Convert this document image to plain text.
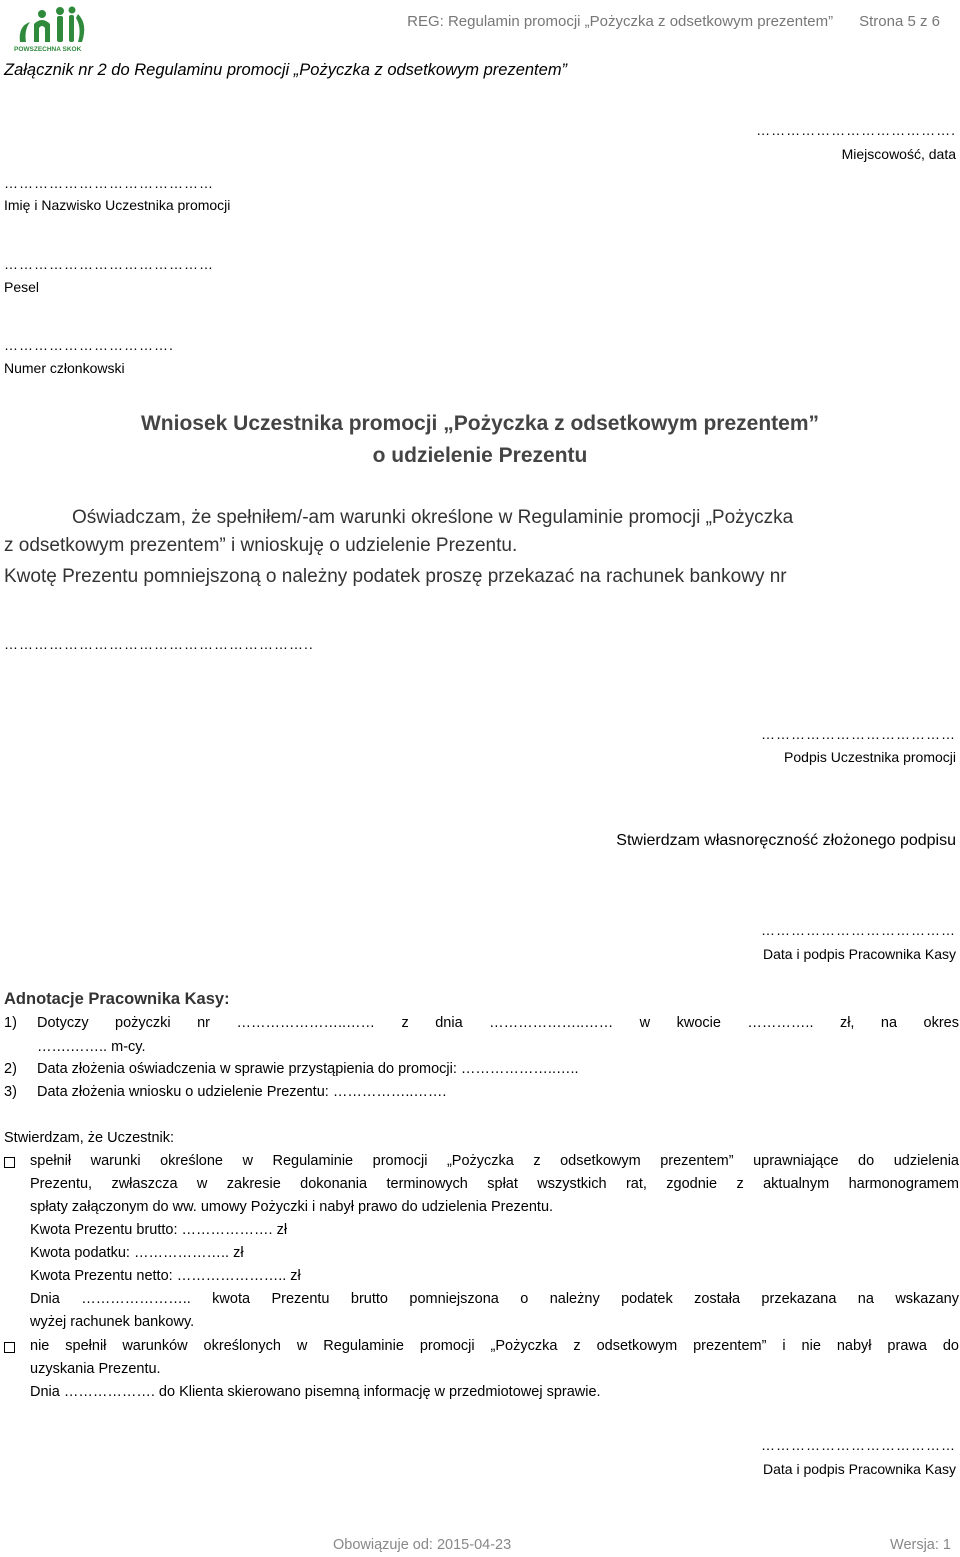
POWSZECHNA SKOK
REG: Regulamin promocji „Pożyczka z odsetkowym prezentem” Strona 5 z 6
Załącznik nr 2 do Regulaminu promocji „Pożyczka z odsetkowym prezentem”
………………………………….
Miejscowość, data
……………………………………
Imię i Nazwisko Uczestnika promocji
……………………………………
Pesel
…………………………….
Numer członkowski
Wniosek Uczestnika promocji „Pożyczka z odsetkowym prezentem”
o udzielenie Prezentu
Oświadczam, że spełniłem/-am warunki określone w Regulaminie promocji „Pożyczka
z odsetkowym prezentem” i wnioskuję o udzielenie Prezentu.
Kwotę Prezentu pomniejszoną o należny podatek proszę przekazać na rachunek bankowy nr
……………………………………………………..
…………………………………
Podpis Uczestnika promocji
Stwierdzam własnoręczność złożonego podpisu
…………………………………
Data i podpis Pracownika Kasy
Adnotacje Pracownika Kasy:
1) Dotyczy pożyczki nr …………………..…… z dnia ………………..…… w kwocie ………….. zł, na okres
…….…….. m-cy.
2) Data złożenia oświadczenia w sprawie przystąpienia do promocji: ………………..…..
3) Data złożenia wniosku o udzielenie Prezentu: ……………..…….
Stwierdzam, że Uczestnik:
spełnił warunki określone w Regulaminie promocji „Pożyczka z odsetkowym prezentem” uprawniające do udzielenia
Prezentu, zwłaszcza w zakresie dokonania terminowych spłat wszystkich rat, zgodnie z aktualnym harmonogramem
spłaty załączonym do ww. umowy Pożyczki i nabył prawo do udzielenia Prezentu.
Kwota Prezentu brutto: ………………. zł
Kwota podatku: ……………….. zł
Kwota Prezentu netto: ………………….. zł
Dnia ………………….. kwota Prezentu brutto pomniejszona o należny podatek została przekazana na wskazany
wyżej rachunek bankowy.
nie spełnił warunków określonych w Regulaminie promocji „Pożyczka z odsetkowym prezentem” i nie nabył prawa do
uzyskania Prezentu.
Dnia ………………. do Klienta skierowano pisemną informację w przedmiotowej sprawie.
…………………………………
Data i podpis Pracownika Kasy
Obowiązuje od: 2015-04-23	Wersja: 1
